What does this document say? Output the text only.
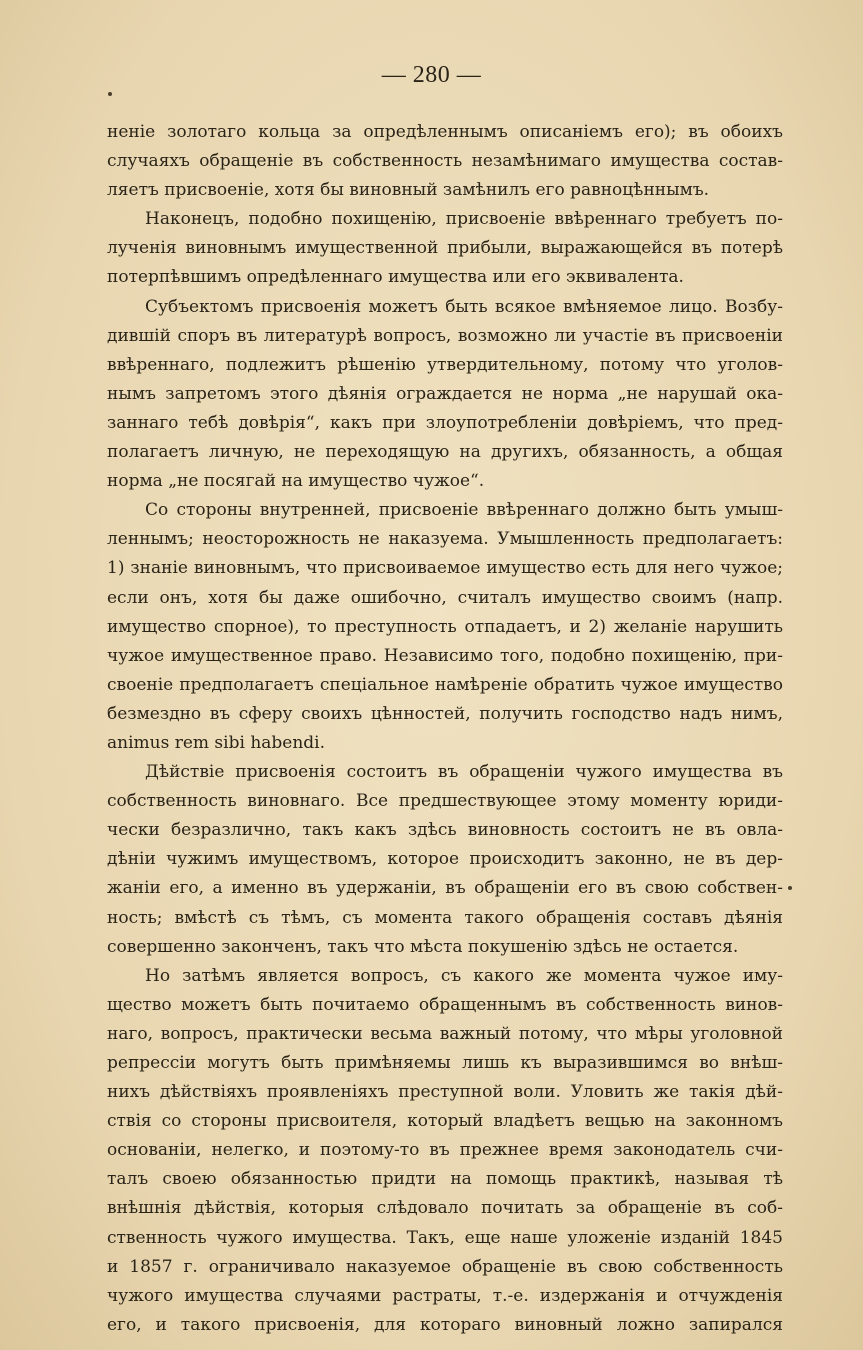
— 280 —
неніе золотаго кольца за опредѣленнымъ описаніемъ его); въ обоихъ
случаяхъ обращеніе въ собственность незамѣнимаго имущества состав-
ляетъ присвоеніе, хотя бы виновный замѣнилъ его равноцѣннымъ.
Наконецъ, подобно похищенію, присвоеніе ввѣреннаго требуетъ по-
лученія виновнымъ имущественной прибыли, выражающейся въ потерѣ
потерпѣвшимъ опредѣленнаго имущества или его эквивалента.
Субъектомъ присвоенія можетъ быть всякое вмѣняемое лицо. Возбу-
дившій споръ въ литературѣ вопросъ, возможно ли участіе въ присвоеніи
ввѣреннаго, подлежитъ рѣшенію утвердительному, потому что уголов-
нымъ запретомъ этого дѣянія ограждается не норма „не нарушай ока-
заннаго тебѣ довѣрія“, какъ при злоупотребленіи довѣріемъ, что пред-
полагаетъ личную, не переходящую на другихъ, обязанность, а общая
норма „не посягай на имущество чужое“.
Со стороны внутренней, присвоеніе ввѣреннаго должно быть умыш-
леннымъ; неосторожность не наказуема. Умышленность предполагаетъ:
1) знаніе виновнымъ, что присвоиваемое имущество есть для него чужое;
если онъ, хотя бы даже ошибочно, считалъ имущество своимъ (напр.
имущество спорное), то преступность отпадаетъ, и 2) желаніе нарушить
чужое имущественное право. Независимо того, подобно похищенію, при-
своеніе предполагаетъ спеціальное намѣреніе обратить чужое имущество
безмездно въ сферу своихъ цѣнностей, получить господство надъ нимъ,
animus rem sibi habendi.
Дѣйствіе присвоенія состоитъ въ обращеніи чужого имущества въ
собственность виновнаго. Все предшествующее этому моменту юриди-
чески безразлично, такъ какъ здѣсь виновность состоитъ не въ овла-
дѣніи чужимъ имуществомъ, которое происходитъ законно, не въ дер-
жаніи его, а именно въ удержаніи, въ обращеніи его въ свою собствен-
ность; вмѣстѣ съ тѣмъ, съ момента такого обращенія составъ дѣянія
совершенно законченъ, такъ что мѣста покушенію здѣсь не остается.
Но затѣмъ является вопросъ, съ какого же момента чужое иму-
щество можетъ быть почитаемо обращеннымъ въ собственность винов-
наго, вопросъ, практически весьма важный потому, что мѣры уголовной
репрессіи могутъ быть примѣняемы лишь къ выразившимся во внѣш-
нихъ дѣйствіяхъ проявленіяхъ преступной воли. Уловить же такія дѣй-
ствія со стороны присвоителя, который владѣетъ вещью на законномъ
основаніи, нелегко, и поэтому-то въ прежнее время законодатель счи-
талъ своею обязанностью придти на помощь практикѣ, называя тѣ
внѣшнія дѣйствія, которыя слѣдовало почитать за обращеніе въ соб-
ственность чужого имущества. Такъ, еще наше уложеніе изданій 1845
и 1857 г. ограничивало наказуемое обращеніе въ свою собственность
чужого имущества случаями растраты, т.-е. издержанія и отчужденія
его, и такого присвоенія, для котораго виновный ложно запирался
